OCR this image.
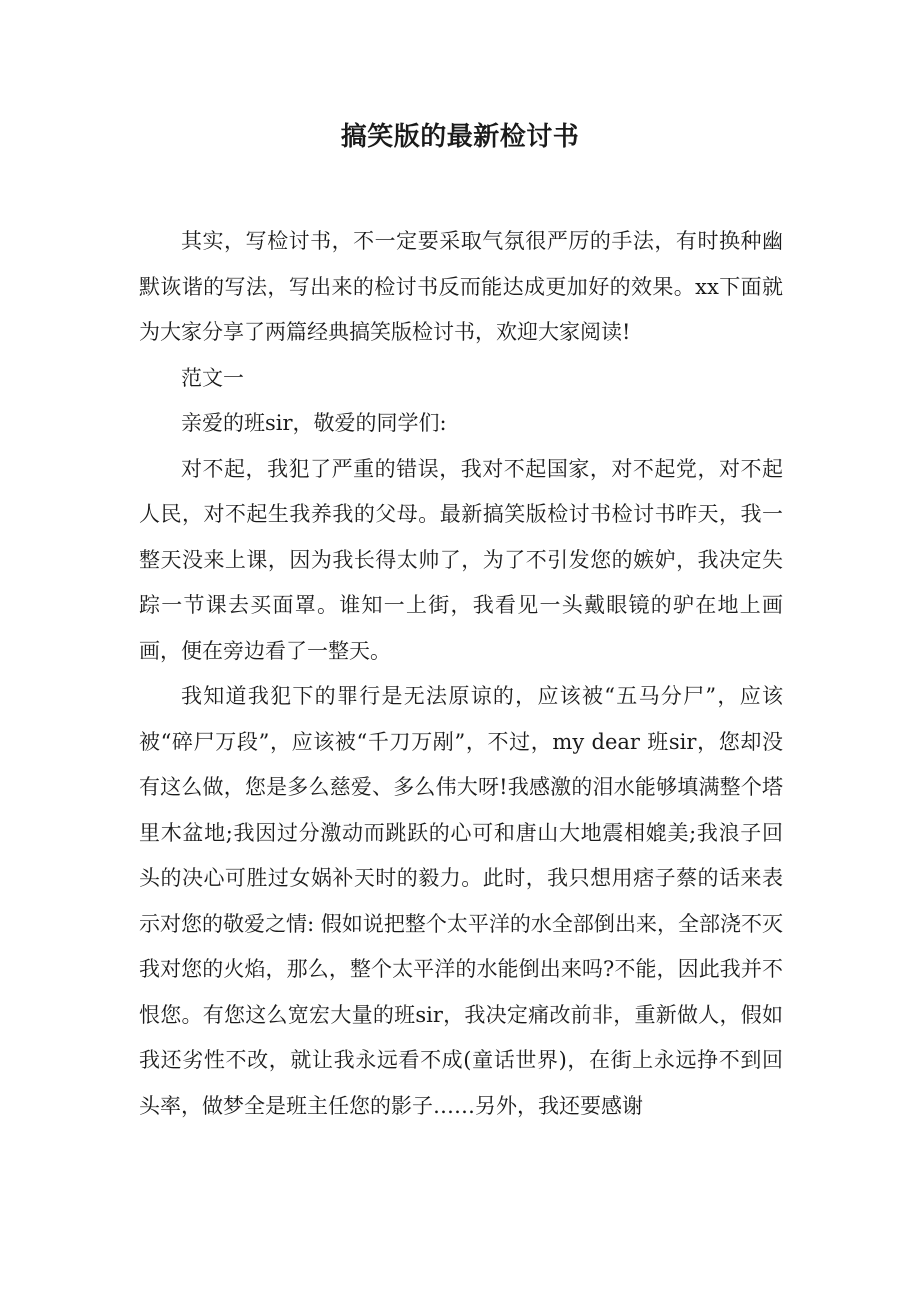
搞笑版的最新检讨书

其实，写检讨书，不一定要采取气氛很严厉的手法，有时换种幽默诙谐的写法，写出来的检讨书反而能达成更加好的效果。xx下面就为大家分享了两篇经典搞笑版检讨书，欢迎大家阅读!

范文一

亲爱的班sir，敬爱的同学们:

对不起，我犯了严重的错误，我对不起国家，对不起党，对不起人民，对不起生我养我的父母。最新搞笑版检讨书检讨书昨天，我一整天没来上课，因为我长得太帅了，为了不引发您的嫉妒，我决定失踪一节课去买面罩。谁知一上街，我看见一头戴眼镜的驴在地上画画，便在旁边看了一整天。

我知道我犯下的罪行是无法原谅的，应该被“五马分尸”，应该被“碎尸万段”，应该被“千刀万剐”，不过，my dear 班sir，您却没有这么做，您是多么慈爱、多么伟大呀!我感激的泪水能够填满整个塔里木盆地;我因过分激动而跳跃的心可和唐山大地震相媲美;我浪子回头的决心可胜过女娲补天时的毅力。此时，我只想用痞子蔡的话来表示对您的敬爱之情: 假如说把整个太平洋的水全部倒出来，全部浇不灭我对您的火焰，那么，整个太平洋的水能倒出来吗?不能，因此我并不恨您。有您这么宽宏大量的班sir，我决定痛改前非，重新做人，假如我还劣性不改，就让我永远看不成(童话世界)，在街上永远挣不到回头率，做梦全是班主任您的影子……另外，我还要感谢
